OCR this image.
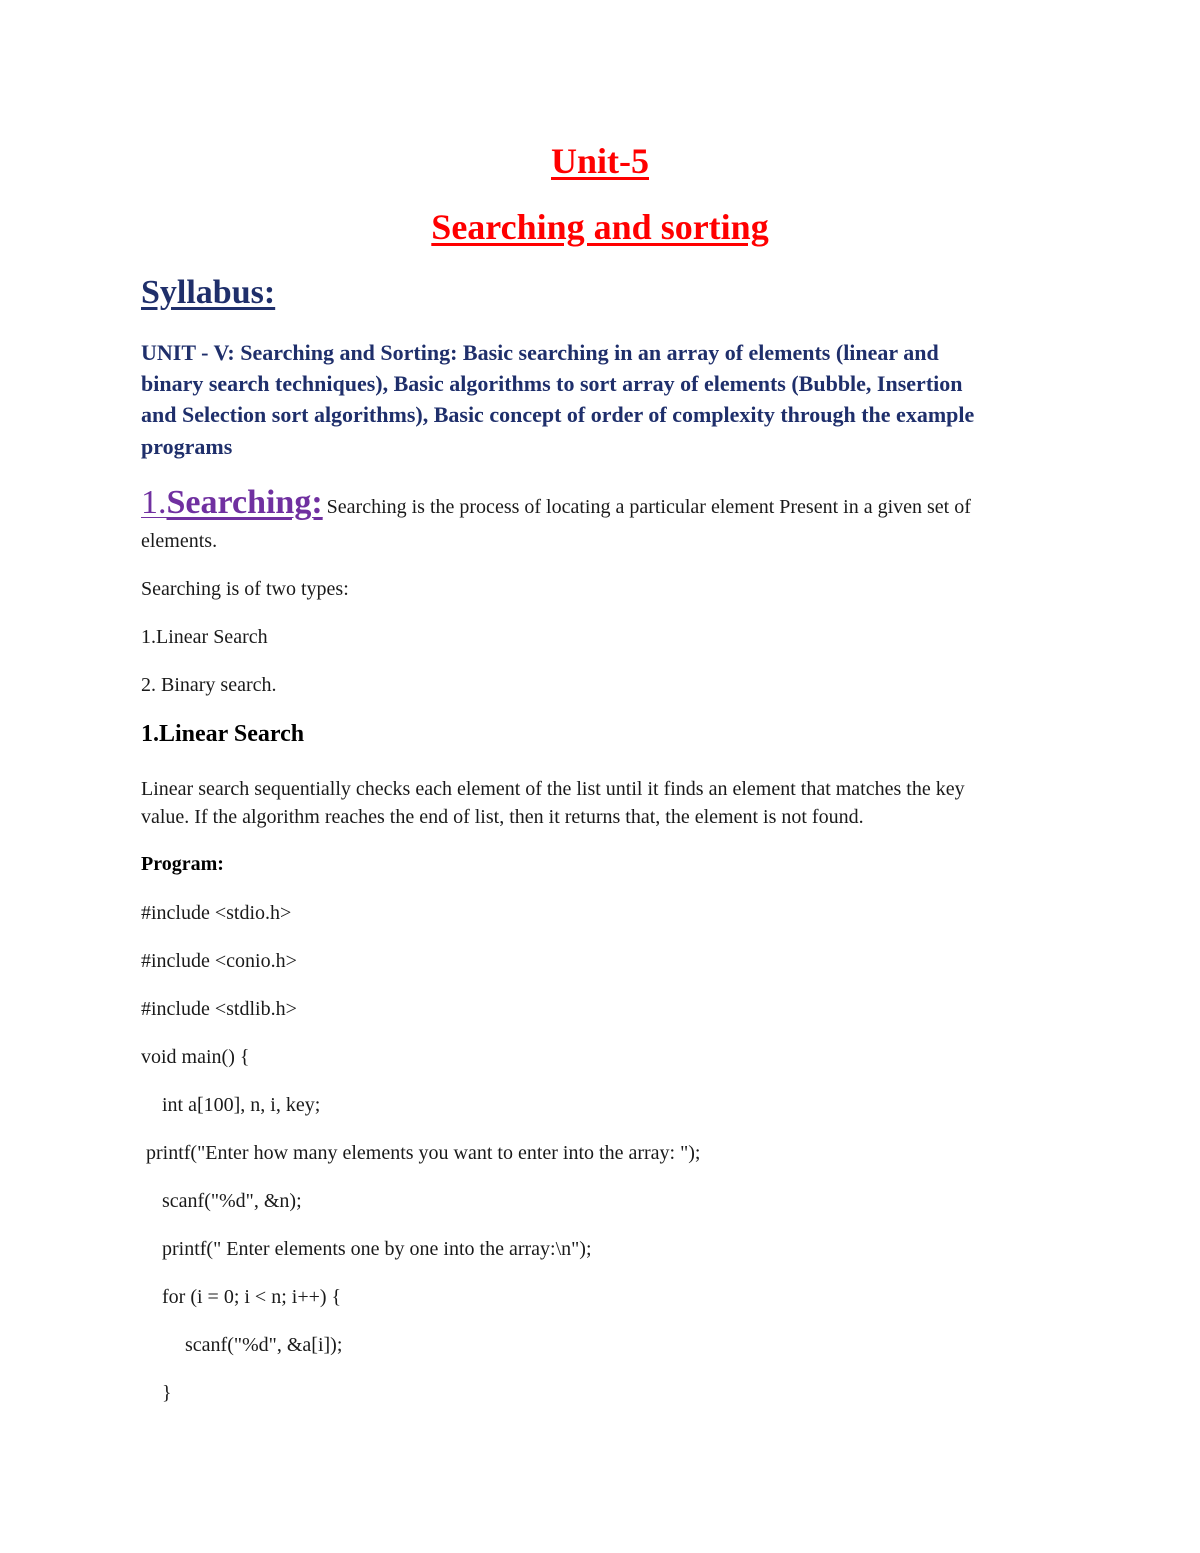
Unit-5
Searching and sorting
Syllabus:
UNIT - V: Searching and Sorting: Basic searching in an array of elements (linear and
binary search techniques), Basic algorithms to sort array of elements (Bubble, Insertion
and Selection sort algorithms), Basic concept of order of complexity through the example
programs
1.Searching: Searching is the process of locating a particular element Present in a given set of
elements.
Searching is of two types:
1.Linear Search
2. Binary search.
1.Linear Search
Linear search sequentially checks each element of the list until it finds an element that matches the key
value. If the algorithm reaches the end of list, then it returns that, the element is not found.
Program:
#include <stdio.h>
#include <conio.h>
#include <stdlib.h>
void main() {
int a[100], n, i, key;
printf("Enter how many elements you want to enter into the array: ");
scanf("%d", &n);
printf(" Enter elements one by one into the array:\n");
for (i = 0; i < n; i++) {
scanf("%d", &a[i]);
}
